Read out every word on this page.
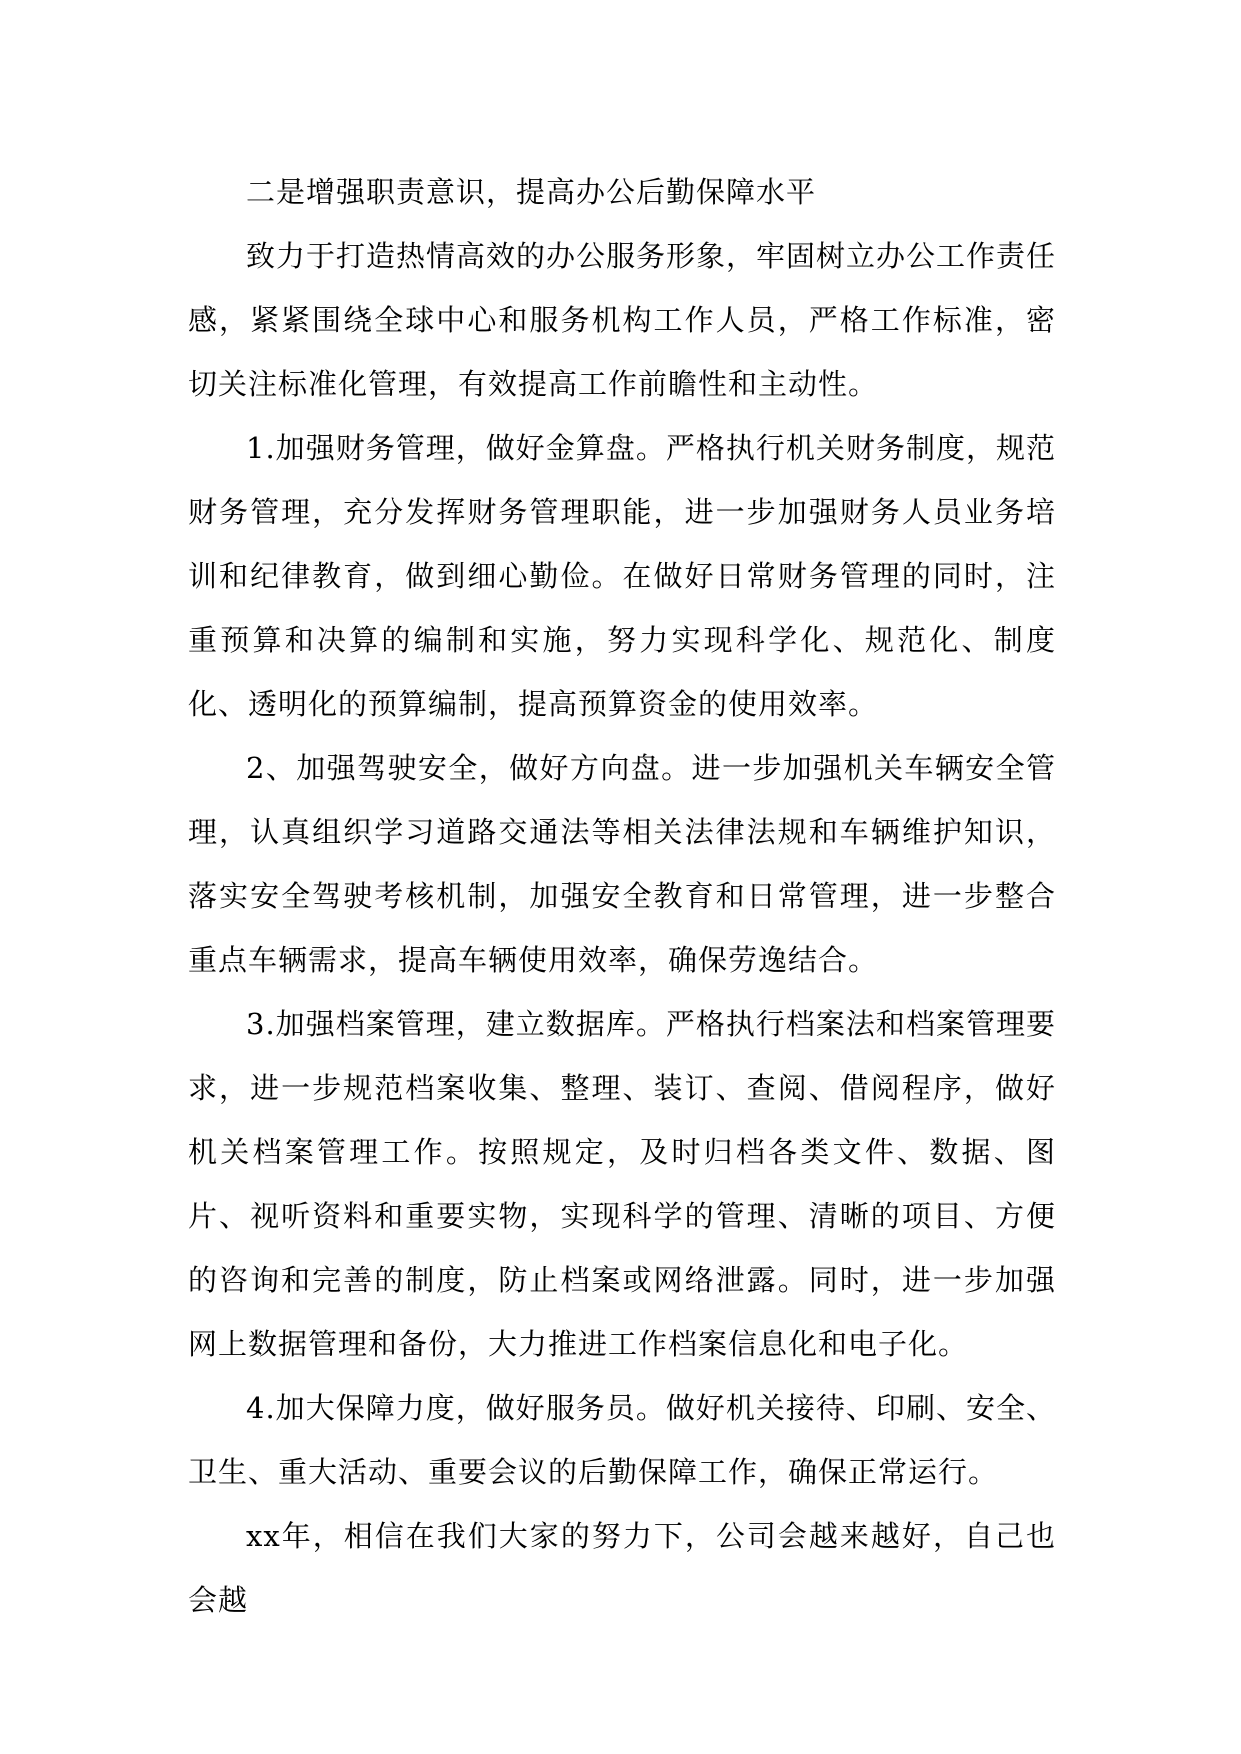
二是增强职责意识，提高办公后勤保障水平

致力于打造热情高效的办公服务形象，牢固树立办公工作责任感，紧紧围绕全球中心和服务机构工作人员，严格工作标准，密切关注标准化管理，有效提高工作前瞻性和主动性。

1.加强财务管理，做好金算盘。严格执行机关财务制度，规范财务管理，充分发挥财务管理职能，进一步加强财务人员业务培训和纪律教育，做到细心勤俭。在做好日常财务管理的同时，注重预算和决算的编制和实施，努力实现科学化、规范化、制度化、透明化的预算编制，提高预算资金的使用效率。

2、加强驾驶安全，做好方向盘。进一步加强机关车辆安全管理，认真组织学习道路交通法等相关法律法规和车辆维护知识，落实安全驾驶考核机制，加强安全教育和日常管理，进一步整合重点车辆需求，提高车辆使用效率，确保劳逸结合。

3.加强档案管理，建立数据库。严格执行档案法和档案管理要求，进一步规范档案收集、整理、装订、查阅、借阅程序，做好机关档案管理工作。按照规定，及时归档各类文件、数据、图片、视听资料和重要实物，实现科学的管理、清晰的项目、方便的咨询和完善的制度，防止档案或网络泄露。同时，进一步加强网上数据管理和备份，大力推进工作档案信息化和电子化。

4.加大保障力度，做好服务员。做好机关接待、印刷、安全、卫生、重大活动、重要会议的后勤保障工作，确保正常运行。

xx年，相信在我们大家的努力下，公司会越来越好，自己也会越
